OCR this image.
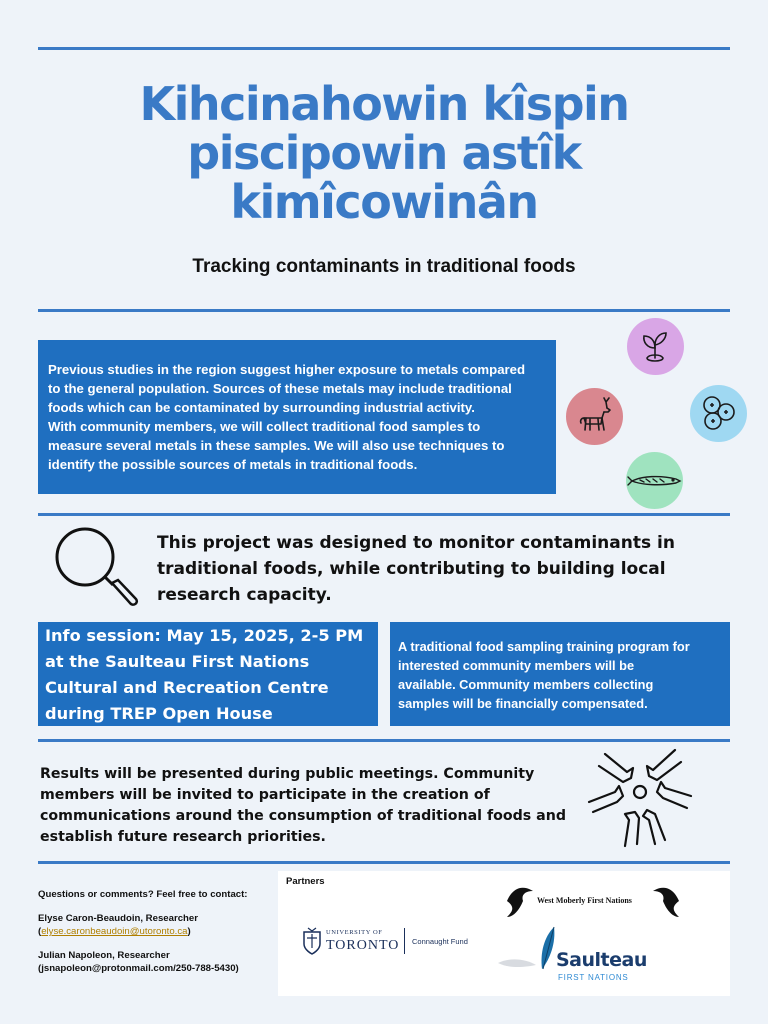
Kihcinahowin kîspin
piscipowin astîk
kimîcowinân
Tracking contaminants in traditional foods
Previous studies in the region suggest higher exposure to metals compared
to the general population. Sources of these metals may include traditional
foods which can be contaminated by surrounding industrial activity.
With community members, we will collect traditional food samples to
measure several metals in these samples. We will also use techniques to
identify the possible sources of metals in traditional foods.
This project was designed to monitor contaminants in
traditional foods, while contributing to building local
research capacity.
Info session: May 15, 2025, 2-5 PM
at the Saulteau First Nations
Cultural and Recreation Centre
during TREP Open House
A traditional food sampling training program for
interested community members will be
available. Community members collecting
samples will be financially compensated.
Results will be presented during public meetings. Community
members will be invited to participate in the creation of
communications around the consumption of traditional foods and
establish future research priorities.
Questions or comments? Feel free to contact:
Elyse Caron-Beaudoin, Researcher
(elyse.caronbeaudoin@utoronto.ca)
Julian Napoleon, Researcher
(jsnapoleon@protonmail.com/250-788-5430)
Partners
West Moberly First Nations
UNIVERSITY OF
TORONTO Connaught Fund
Saulteau
FIRST NATIONS
